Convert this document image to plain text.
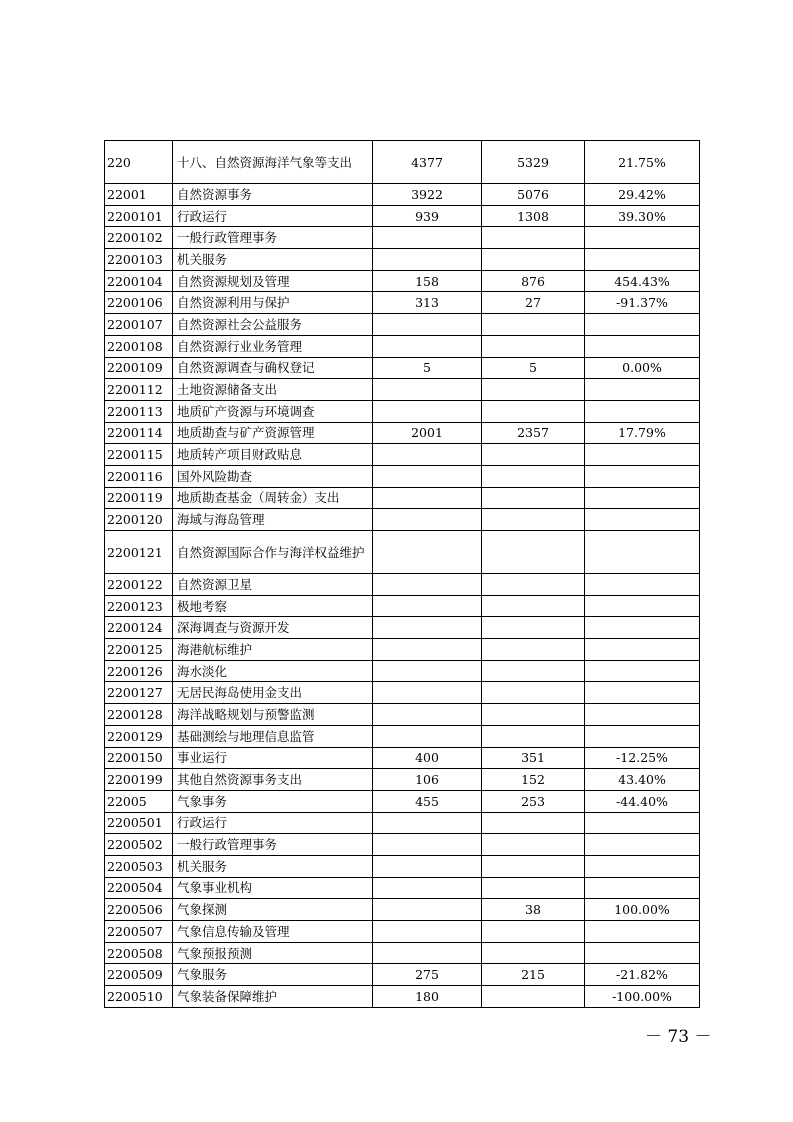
220	十八、自然资源海洋气象等支出	4377	5329	21.75%
22001	自然资源事务	3922	5076	29.42%
2200101	行政运行	939	1308	39.30%
2200102	一般行政管理事务			
2200103	机关服务			
2200104	自然资源规划及管理	158	876	454.43%
2200106	自然资源利用与保护	313	27	-91.37%
2200107	自然资源社会公益服务			
2200108	自然资源行业业务管理			
2200109	自然资源调查与确权登记	5	5	0.00%
2200112	土地资源储备支出			
2200113	地质矿产资源与环境调查			
2200114	地质勘查与矿产资源管理	2001	2357	17.79%
2200115	地质转产项目财政贴息			
2200116	国外风险勘查			
2200119	地质勘查基金（周转金）支出			
2200120	海域与海岛管理			
2200121	自然资源国际合作与海洋权益维护			
2200122	自然资源卫星			
2200123	极地考察			
2200124	深海调查与资源开发			
2200125	海港航标维护			
2200126	海水淡化			
2200127	无居民海岛使用金支出			
2200128	海洋战略规划与预警监测			
2200129	基础测绘与地理信息监管			
2200150	事业运行	400	351	-12.25%
2200199	其他自然资源事务支出	106	152	43.40%
22005	气象事务	455	253	-44.40%
2200501	行政运行			
2200502	一般行政管理事务			
2200503	机关服务			
2200504	气象事业机构			
2200506	气象探测		38	100.00%
2200507	气象信息传输及管理			
2200508	气象预报预测			
2200509	气象服务	275	215	-21.82%
2200510	气象装备保障维护	180		-100.00%
－ 73 －
